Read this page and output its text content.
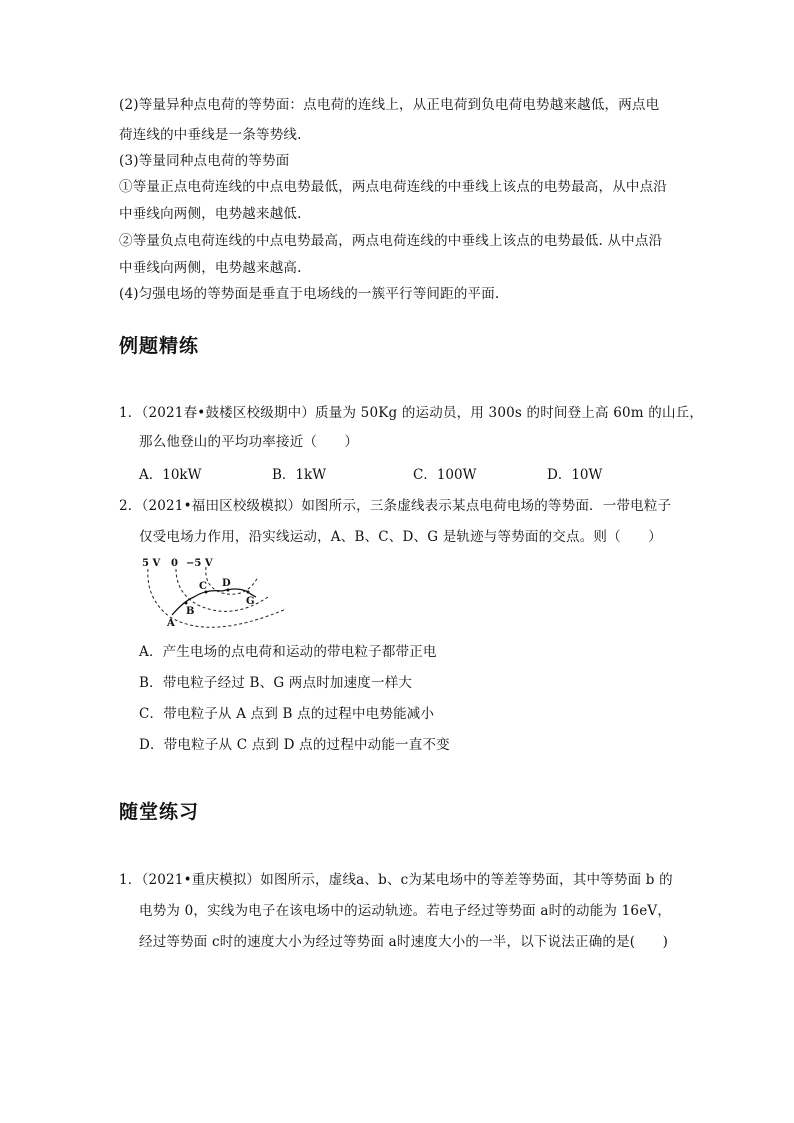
(2)等量异种点电荷的等势面：点电荷的连线上，从正电荷到负电荷电势越来越低，两点电
荷连线的中垂线是一条等势线.
(3)等量同种点电荷的等势面
①等量正点电荷连线的中点电势最低，两点电荷连线的中垂线上该点的电势最高，从中点沿
中垂线向两侧，电势越来越低.
②等量负点电荷连线的中点电势最高，两点电荷连线的中垂线上该点的电势最低. 从中点沿
中垂线向两侧，电势越来越高.
(4)匀强电场的等势面是垂直于电场线的一簇平行等间距的平面.
例题精练
1．（2021春•鼓楼区校级期中）质量为 50Kg 的运动员，用 300s 的时间登上高 60m 的山丘，
那么他登山的平均功率接近（　　）
A．10kW	B．1kW	C．100W	D．10W
2．（2021•福田区校级模拟）如图所示，三条虚线表示某点电荷电场的等势面．一带电粒子
仅受电场力作用，沿实线运动，A、B、C、D、G 是轨迹与等势面的交点。则（　　）
5 V 0 −5 V
A
B
C D
G
A．产生电场的点电荷和运动的带电粒子都带正电
B．带电粒子经过 B、G 两点时加速度一样大
C．带电粒子从 A 点到 B 点的过程中电势能减小
D．带电粒子从 C 点到 D 点的过程中动能一直不变
随堂练习
1．（2021•重庆模拟）如图所示，虚线a、b、c为某电场中的等差等势面，其中等势面 b 的
电势为 0，实线为电子在该电场中的运动轨迹。若电子经过等势面 a时的动能为 16eV，
经过等势面 c时的速度大小为经过等势面 a时速度大小的一半，以下说法正确的是(　　)
